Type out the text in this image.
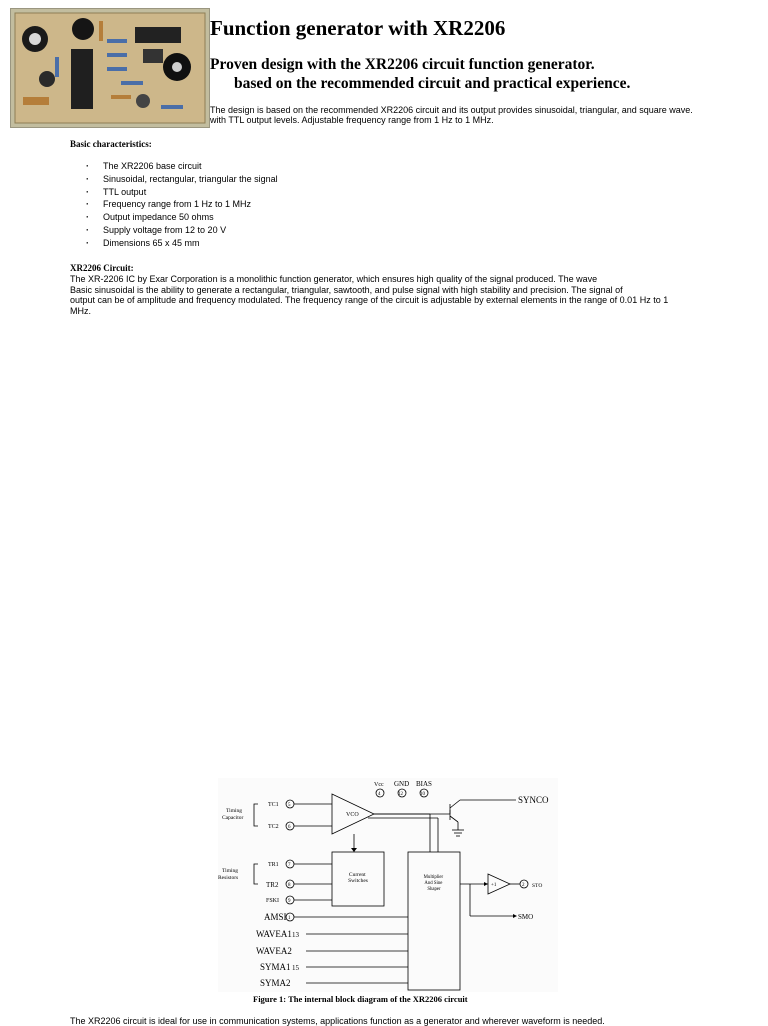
Function generator with XR2206
Proven design with the XR2206 circuit function generator.
based on the recommended circuit and practical experience.

The design is based on the recommended XR2206 circuit and its output provides sinusoidal, triangular, and square wave.
with TTL output levels. Adjustable frequency range from 1 Hz to 1 MHz.

Basic characteristics:
· The XR2206 base circuit
· Sinusoidal, rectangular, triangular the signal
· TTL output
· Frequency range from 1 Hz to 1 MHz
· Output impedance 50 ohms
· Supply voltage from 12 to 20 V
· Dimensions 65 x 45 mm
XR2206 Circuit:

The XR-2206 IC by Exar Corporation is a monolithic function generator, which ensures high quality of the signal produced. The wave
Basic sinusoidal is the ability to generate a rectangular, triangular, sawtooth, and pulse signal with high stability and precision. The signal of
output can be of amplitude and frequency modulated. The frequency range of the circuit is adjustable by external elements in the range of 0.01 Hz to 1
MHz.

Timing Capacitor
Timing Resistors
Vcc GND BIAS
4	12	10
TC1
TC2
5
6
TR1
TR2
7
8
FSKI 9
VCO
Current Switches
Multiplier And Sine Shaper
+1	2 STO
SYNCO
SMO
AMSI 1
WAVEA1 13
WAVEA2
SYMA1 15
SYMA2

Figure 1: The internal block diagram of the XR2206 circuit

The XR2206 circuit is ideal for use in communication systems, applications function as a generator and wherever waveform is needed.
